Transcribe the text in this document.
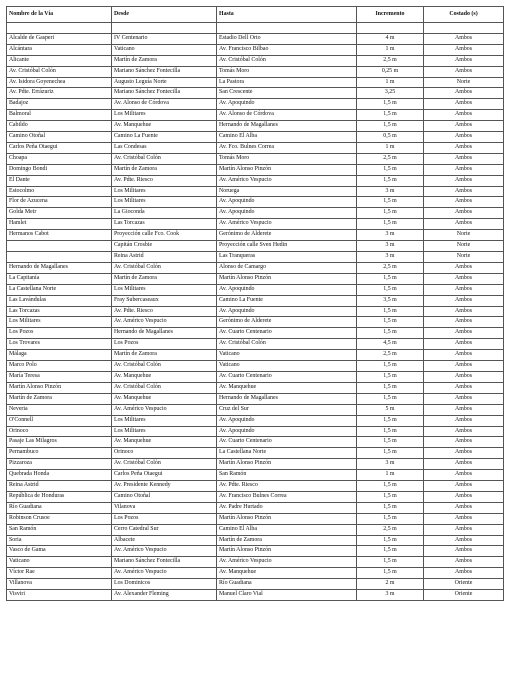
Nombre de la Vía	Desde	Hasta	Incremento	Costado (s)

Alcalde de Gasperi	IV Centenario	Estadio Dell Orto	4 m	Ambos
Alcántara	Vaticano	Av. Francisco Bilbao	1 m	Ambos
Alicante	Martín de Zamora	Av. Cristóbal Colón	2,5 m	Ambos
Av. Cristóbal Colón	Mariano Sánchez Fontecilla	Tomás Moro	0,25 m	Ambos
Av. Isidora Goyenechea	Augusto Leguía Norte	La Pastora	1 m	Norte
Av. Pdte. Errázuriz	Mariano Sánchez Fontecilla	San Crescente	3,25	Ambos
Badajoz	Av. Alonso de Córdova	Av. Apoquindo	1,5 m	Ambos
Balmoral	Los Militares	Av. Alonso de Córdova	1,5 m	Ambos
Cabildo	Av. Manquehue	Hernando de Magallanes	1,5 m	Ambos
Camino Otoñal	Camino La Fuente	Camino El Alba	0,5 m	Ambos
Carlos Peña Otaegui	Las Condesas	Av. Fco. Bulnes Correa	1 m	Ambos
Choapa	Av. Cristóbal Colón	Tomás Moro	2,5 m	Ambos
Domingo Bondi	Martín de Zamora	Martín Alonso Pinzón	1,5 m	Ambos
El Dante	Av. Pdte. Riesco	Av. Américo Vespucio	1,5 m	Ambos
Estocolmo	Los Militares	Noruega	3 m	Ambos
Flor de Azucena	Los Militares	Av. Apoquindo	1,5 m	Ambos
Golda Meir	La Gioconda	Av. Apoquindo	1,5 m	Ambos
Hamlet	Las Torcazas	Av. Américo Vespucio	1,5 m	Ambos
Hermanos Cabot	Proyección calle Fco. Cook	Gerónimo de Alderete	3 m	Norte
	Capitán Crosbie	Proyección calle Sven Hedin	3 m	Norte
	Reina Astrid	Las Tranqueras	3 m	Norte
Hernando de Magallanes	Av. Cristóbal Colón	Alonso de Camargo	2,5 m	Ambos
La Capitanía	Martín de Zamora	Martín Alonso Pinzón	1,5 m	Ambos
La Castellana Norte	Los Militares	Av. Apoquindo	1,5 m	Ambos
Las Lavándulas	Fray Subercaseaux	Camino La Fuente	3,5 m	Ambos
Las Torcazas	Av. Pdte. Riesco	Av. Apoquindo	1,5 m	Ambos
Los Militares	Av. Américo Vespucio	Gerónimo de Alderete	1,5 m	Ambos
Los Pozos	Hernando de Magallanes	Av. Cuarto Centenario	1,5 m	Ambos
Los Trovares	Los Pozos	Av. Cristóbal Colón	4,5 m	Ambos
Málaga	Martín de Zamora	Vaticano	2,5 m	Ambos
Marco Polo	Av. Cristóbal Colón	Vaticano	1,5 m	Ambos
María Teresa	Av. Manquehue	Av. Cuarto Centenario	1,5 m	Ambos
Martín Alonso Pinzón	Av. Cristóbal Colón	Av. Manquehue	1,5 m	Ambos
Martín de Zamora	Av. Manquehue	Hernando de Magallanes	1,5 m	Ambos
Neveria	Av. Américo Vespucio	Cruz del Sur	5 m	Ambos
O'Connell	Los Militares	Av. Apoquindo	1,5 m	Ambos
Orinoco	Los Militares	Av. Apoquindo	1,5 m	Ambos
Pasaje Las Milagros	Av. Manquehue	Av. Cuarto Centenario	1,5 m	Ambos
Pernambuco	Orinoco	La Castellana Norte	1,5 m	Ambos
Pizzaroza	Av. Cristóbal Colón	Martín Alonso Pinzón	3 m	Ambos
Quebrada Honda	Carlos Peña Otaegui	San Ramón	1 m	Ambos
Reina Astrid	Av. Presidente Kennedy	Av. Pdte. Riesco	1,5 m	Ambos
República de Honduras	Camino Otoñal	Av. Francisco Bulnes Correa	1,5 m	Ambos
Río Guadiana	Vilanova	Av. Padre Hurtado	1,5 m	Ambos
Robinson Crusoe	Los Pozos	Martín Alonso Pinzón	1,5 m	Ambos
San Ramón	Cerro Catedral Sur	Camino El Alba	2,5 m	Ambos
Soria	Albacete	Martín de Zamora	1,5 m	Ambos
Vasco de Gama	Av. Américo Vespucio	Martín Alonso Pinzón	1,5 m	Ambos
Vaticano	Mariano Sánchez Fontecilla	Av. Américo Vespucio	1,5 m	Ambos
Víctor Rae	Av. Américo Vespucio	Av. Manquehue	1,5 m	Ambos
Villanova	Los Dominicos	Río Guadiana	2 m	Oriente
Visviri	Av. Alexander Fleming	Manuel Claro Vial	3 m	Oriente
